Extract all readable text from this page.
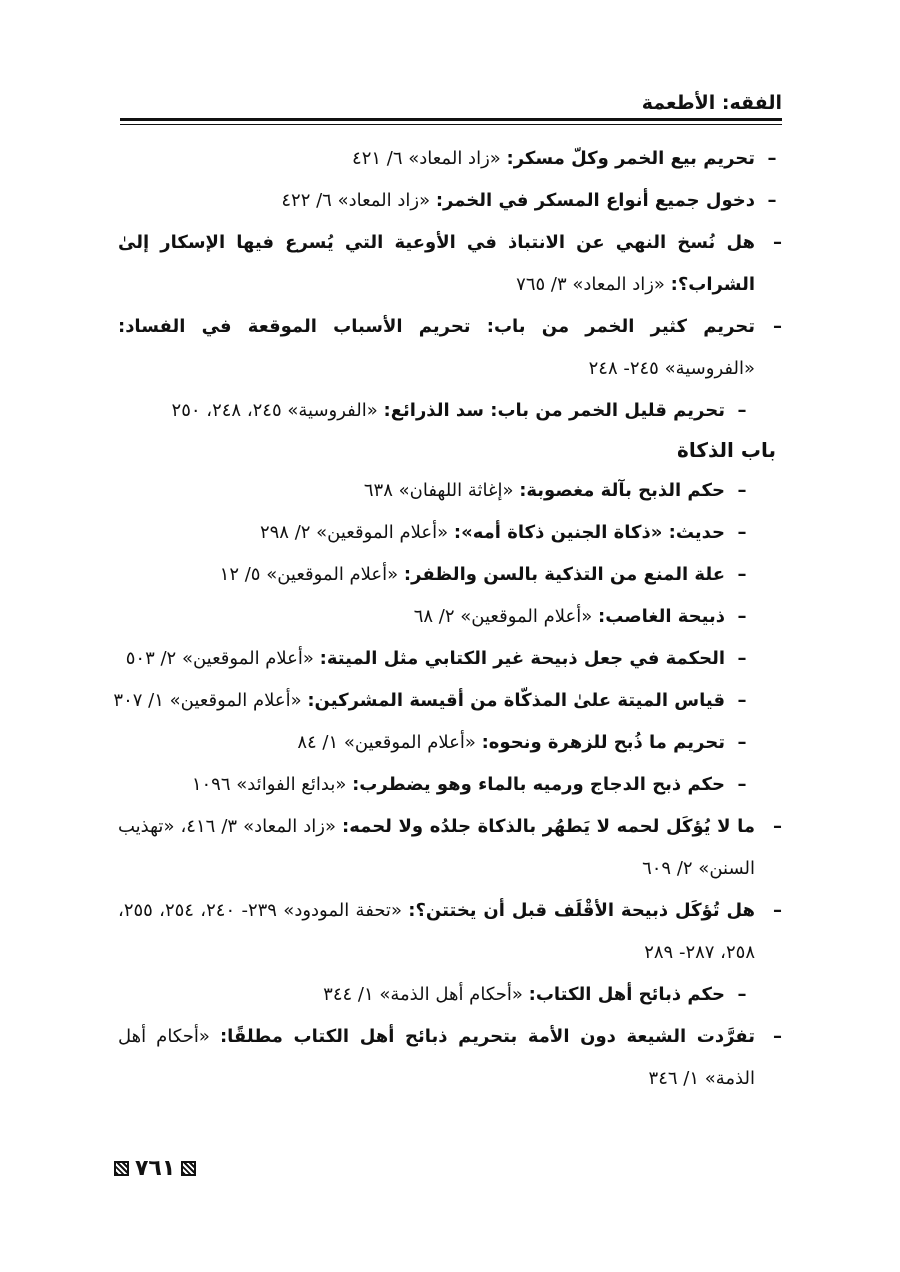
الفقه: الأطعمة
–
تحريم بيع الخمر وكلّ مسكر: «زاد المعاد» ٦/ ٤٢١
–
دخول جميع أنواع المسكر في الخمر: «زاد المعاد» ٦/ ٤٢٢
–
هل نُسخ النهي عن الانتباذ في الأوعية التي يُسرع فيها الإسكار إلىٰ الشراب؟: «زاد المعاد» ٣/ ٧٦٥
–
تحريم كثير الخمر من باب: تحريم الأسباب الموقعة في الفساد: «الفروسية» ٢٤٥- ٢٤٨
–
تحريم قليل الخمر من باب: سد الذرائع: «الفروسية» ٢٤٥، ٢٤٨، ٢٥٠
باب الذكاة
–
حكم الذبح بآلة مغصوبة: «إغاثة اللهفان» ٦٣٨
–
حديث: «ذكاة الجنين ذكاة أمه»: «أعلام الموقعين» ٢/ ٢٩٨
–
علة المنع من التذكية بالسن والظفر: «أعلام الموقعين» ٥/ ١٢
–
ذبيحة الغاصب: «أعلام الموقعين» ٢/ ٦٨
–
الحكمة في جعل ذبيحة غير الكتابي مثل الميتة: «أعلام الموقعين» ٢/ ٥٠٣
–
قياس الميتة علىٰ المذكّاة من أقيسة المشركين: «أعلام الموقعين» ١/ ٣٠٧
–
تحريم ما ذُبح للزهرة ونحوه: «أعلام الموقعين» ١/ ٨٤
–
حكم ذبح الدجاج ورميه بالماء وهو يضطرب: «بدائع الفوائد» ١٠٩٦
–
ما لا يُؤكَل لحمه لا يَطهُر بالذكاة جلدُه ولا لحمه: «زاد المعاد» ٣/ ٤١٦، «تهذيب السنن» ٢/ ٦٠٩
–
هل تُؤكَل ذبيحة الأقْلَف قبل أن يختتن؟: «تحفة المودود» ٢٣٩- ٢٤٠، ٢٥٤، ٢٥٥، ٢٥٨، ٢٨٧- ٢٨٩
–
حكم ذبائح أهل الكتاب: «أحكام أهل الذمة» ١/ ٣٤٤
–
تفرَّدت الشيعة دون الأمة بتحريم ذبائح أهل الكتاب مطلقًا: «أحكام أهل الذمة» ١/ ٣٤٦
٧٦١
